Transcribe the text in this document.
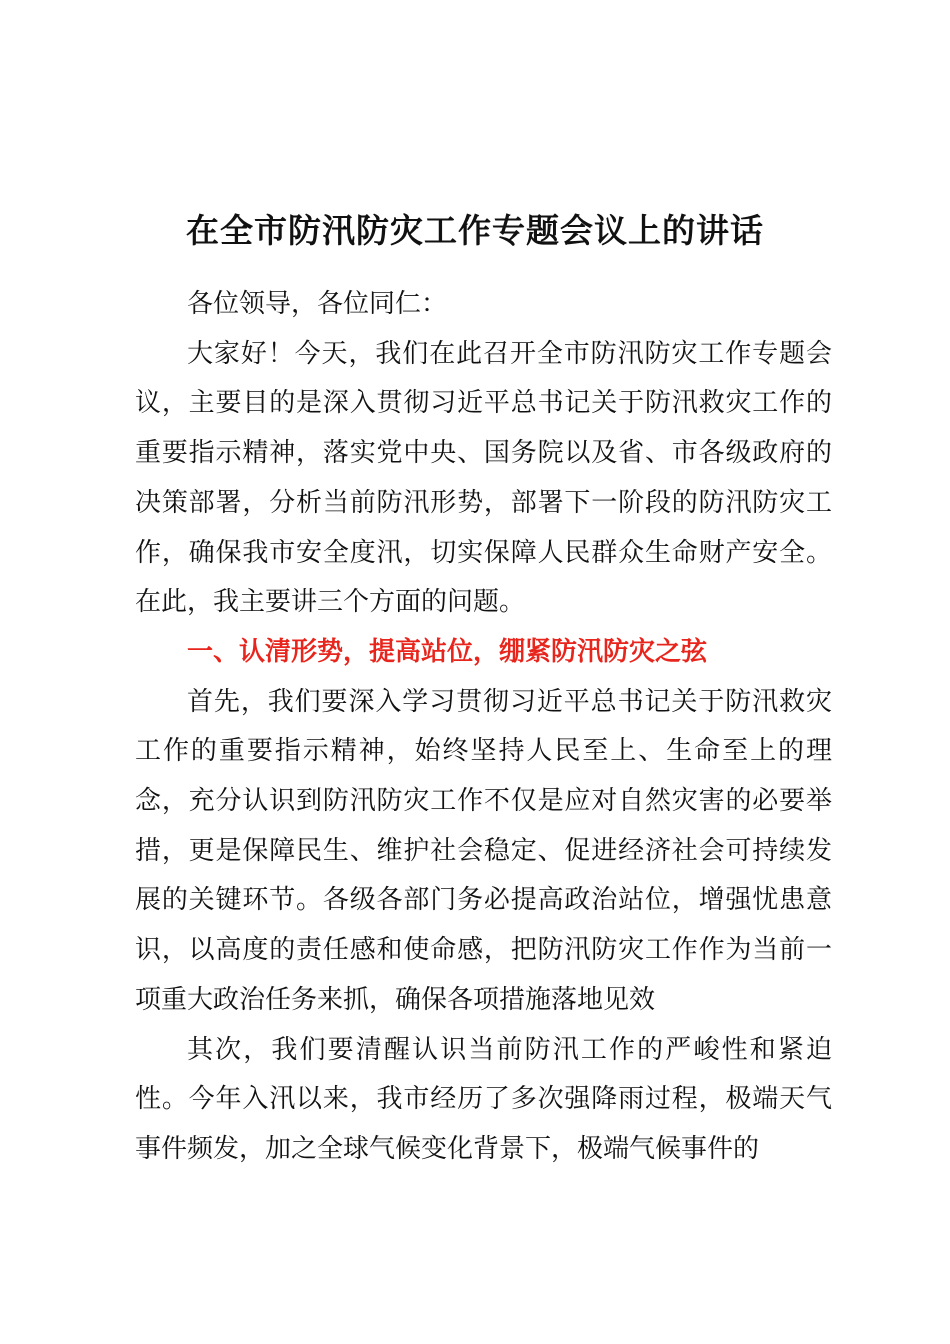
在全市防汛防灾工作专题会议上的讲话

各位领导，各位同仁：

大家好！今天，我们在此召开全市防汛防灾工作专题会议，主要目的是深入贯彻习近平总书记关于防汛救灾工作的重要指示精神，落实党中央、国务院以及省、市各级政府的决策部署，分析当前防汛形势，部署下一阶段的防汛防灾工作，确保我市安全度汛，切实保障人民群众生命财产安全。在此，我主要讲三个方面的问题。

一、认清形势，提高站位，绷紧防汛防灾之弦

首先，我们要深入学习贯彻习近平总书记关于防汛救灾工作的重要指示精神，始终坚持人民至上、生命至上的理念，充分认识到防汛防灾工作不仅是应对自然灾害的必要举措，更是保障民生、维护社会稳定、促进经济社会可持续发展的关键环节。各级各部门务必提高政治站位，增强忧患意识，以高度的责任感和使命感，把防汛防灾工作作为当前一项重大政治任务来抓，确保各项措施落地见效

其次，我们要清醒认识当前防汛工作的严峻性和紧迫性。今年入汛以来，我市经历了多次强降雨过程，极端天气事件频发，加之全球气候变化背景下，极端气候事件的
